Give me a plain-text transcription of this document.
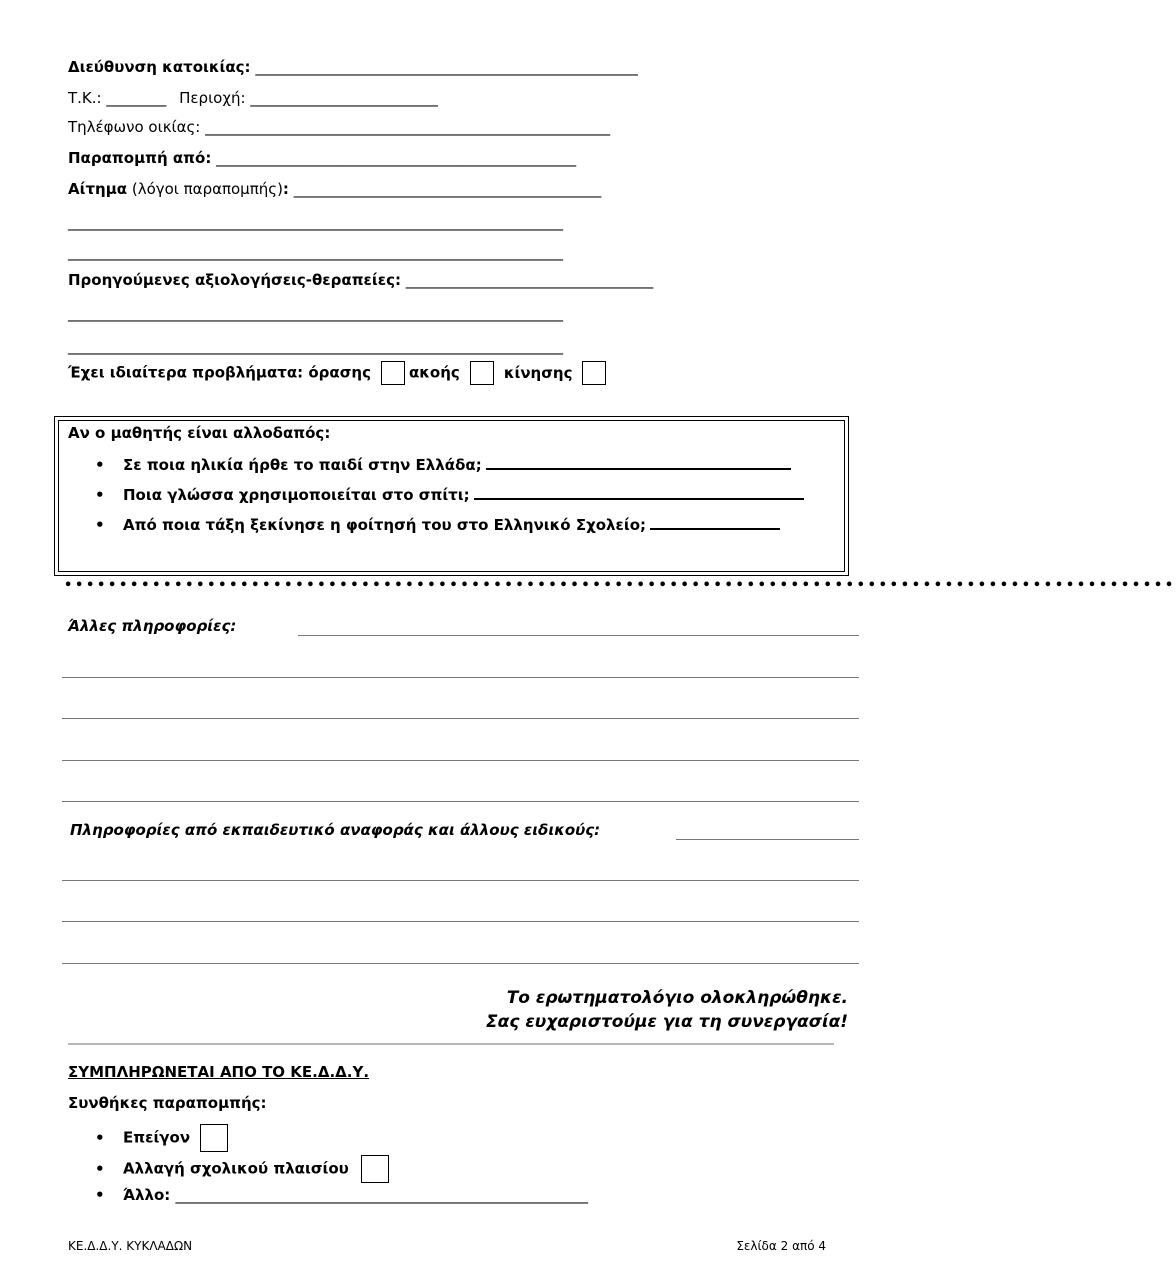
Διεύθυνση κατοικίας: ___________________________________________________
Τ.Κ.: ________ Περιοχή: _________________________
Τηλέφωνο οικίας: ______________________________________________________
Παραπομπή από: ________________________________________________
Αίτημα (λόγοι παραπομπής): _________________________________________
__________________________________________________________________
__________________________________________________________________
Προηγούμενες αξιολογήσεις-θεραπείες: _________________________________
__________________________________________________________________
__________________________________________________________________
Έχει ιδιαίτερα προβλήματα: όρασης	ακοής	κίνησης
Αν ο μαθητής είναι αλλοδαπός:
• Σε ποια ηλικία ήρθε το παιδί στην Ελλάδα;
• Ποια γλώσσα χρησιμοποιείται στο σπίτι;
• Από ποια τάξη ξεκίνησε η φοίτησή του στο Ελληνικό Σχολείο;
•••••••••••••••••••••••••••••••••••••••••••••••••••••••••••••••••••••••••••••••••••••••••••••••••••••
Άλλες πληροφορίες:
Πληροφορίες από εκπαιδευτικό αναφοράς και άλλους ειδικούς:
Το ερωτηματολόγιο ολοκληρώθηκε.
Σας ευχαριστούμε για τη συνεργασία!
ΣΥΜΠΛΗΡΩΝΕΤΑΙ ΑΠΟ ΤΟ ΚΕ.Δ.Δ.Υ.
Συνθήκες παραπομπής:
• Επείγον
• Αλλαγή σχολικού πλαισίου
• Άλλο: _______________________________________________________
ΚΕ.Δ.Δ.Υ. ΚΥΚΛΑΔΩΝ	Σελίδα 2 από 4
